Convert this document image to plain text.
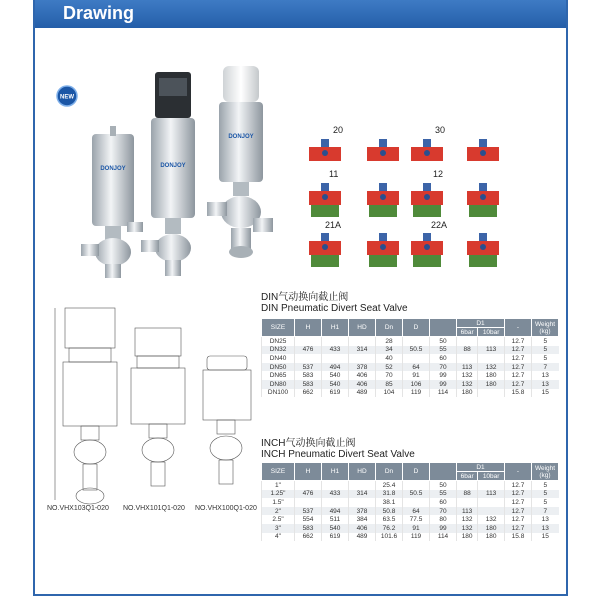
Drawing
NEW
DONJOY	DONJOY
DONJOY
20	30
11	12
21A	22A
NO.VHX103Q1-020 NO.VHX101Q1-020 NO.VHX100Q1-020
DIN气动换向截止阀
DIN Pneumatic Divert Seat Valve
SIZE	H	H1	HD	Dn	D		D1		-	Weight
(kg)
							6bar	10bar		
DN25				28		50			12.7	5
DN32	476	433	314	34	50.5	55	88	113	12.7	5
DN40				40		60			12.7	5
DN50	537	494	378	52	64	70	113	132	12.7	7
DN65	583	540	406	70	91	99	132	180	12.7	13
DN80	583	540	406	85	106	99	132	180	12.7	13
DN100	662	619	489	104	119	114	180		15.8	15
INCH气动换向截止阀
INCH Pneumatic Divert Seat Valve
SIZE	H	H1	HD	Dn	D		D1		-	Weight
(kg)
							6bar	10bar		
1"				25.4		50			12.7	5
1.25"	476	433	314	31.8	50.5	55	88	113	12.7	5
1.5"				38.1		60			12.7	5
2"	537	494	378	50.8	64	70	113		12.7	7
2.5"	554	511	384	63.5	77.5	80	132	132	12.7	13
3"	583	540	406	76.2	91	99	132	180	12.7	13
4"	662	619	489	101.6	119	114	180	180	15.8	15
